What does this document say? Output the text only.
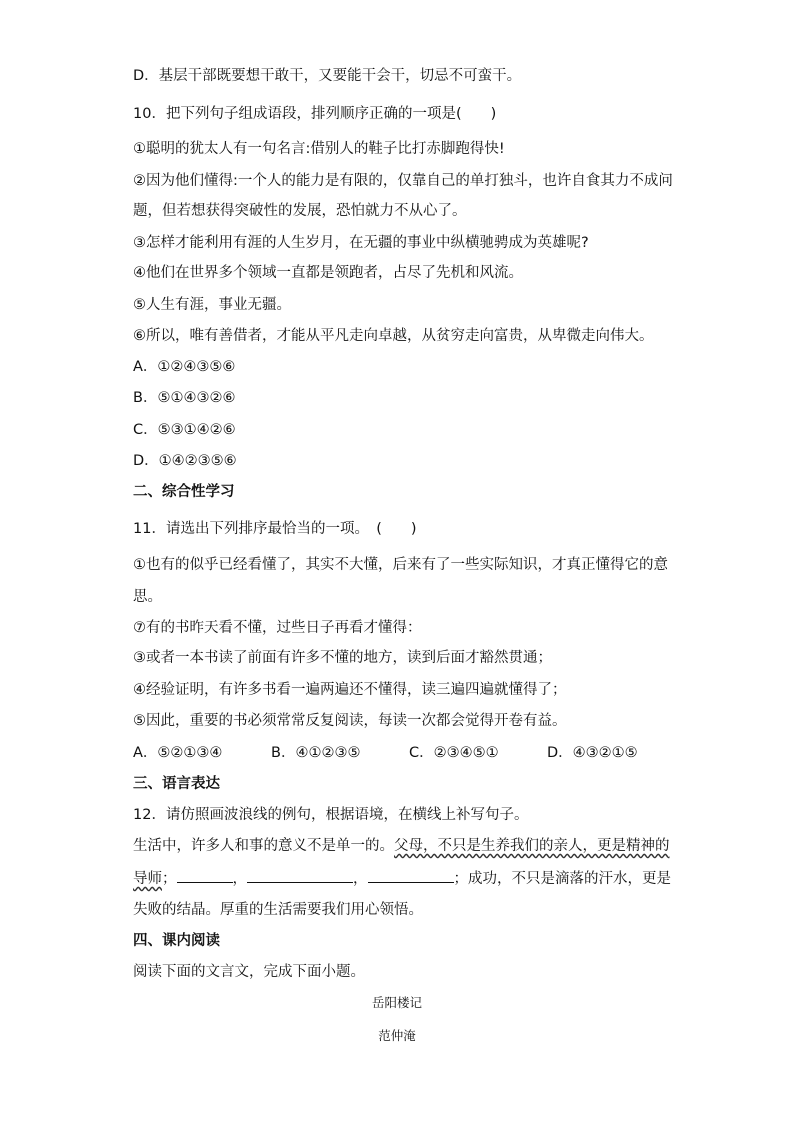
D．基层干部既要想干敢干，又要能干会干，切忌不可蛮干。
10．把下列句子组成语段，排列顺序正确的一项是(　　)
①聪明的犹太人有一句名言:借别人的鞋子比打赤脚跑得快!
②因为他们懂得:一个人的能力是有限的，仅靠自己的单打独斗，也许自食其力不成问
题，但若想获得突破性的发展，恐怕就力不从心了。
③怎样才能利用有涯的人生岁月，在无疆的事业中纵横驰骋成为英雄呢?
④他们在世界多个领域一直都是领跑者，占尽了先机和风流。
⑤人生有涯，事业无疆。
⑥所以，唯有善借者，才能从平凡走向卓越，从贫穷走向富贵，从卑微走向伟大。
A．①②④③⑤⑥
B．⑤①④③②⑥
C．⑤③①④②⑥
D．①④②③⑤⑥
二、综合性学习
11．请选出下列排序最恰当的一项。　(　　)
①也有的似乎已经看懂了，其实不大懂，后来有了一些实际知识，才真正懂得它的意
思。
⑦有的书昨天看不懂，过些日子再看才懂得：
③或者一本书读了前面有许多不懂的地方，读到后面才豁然贯通；
④经验证明，有许多书看一遍两遍还不懂得，读三遍四遍就懂得了；
⑤因此，重要的书必须常常反复阅读，每读一次都会觉得开卷有益。
A．⑤②①③④	B．④①②③⑤	C．②③④⑤①	D．④③②①⑤
三、语言表达
12．请仿照画波浪线的例句，根据语境，在横线上补写句子。
生活中，许多人和事的意义不是单一的。父母，不只是生养我们的亲人，更是精神的
导师；	，	，	；成功，不只是滴落的汗水，更是
失败的结晶。厚重的生活需要我们用心领悟。
四、课内阅读
阅读下面的文言文，完成下面小题。
岳阳楼记
范仲淹
